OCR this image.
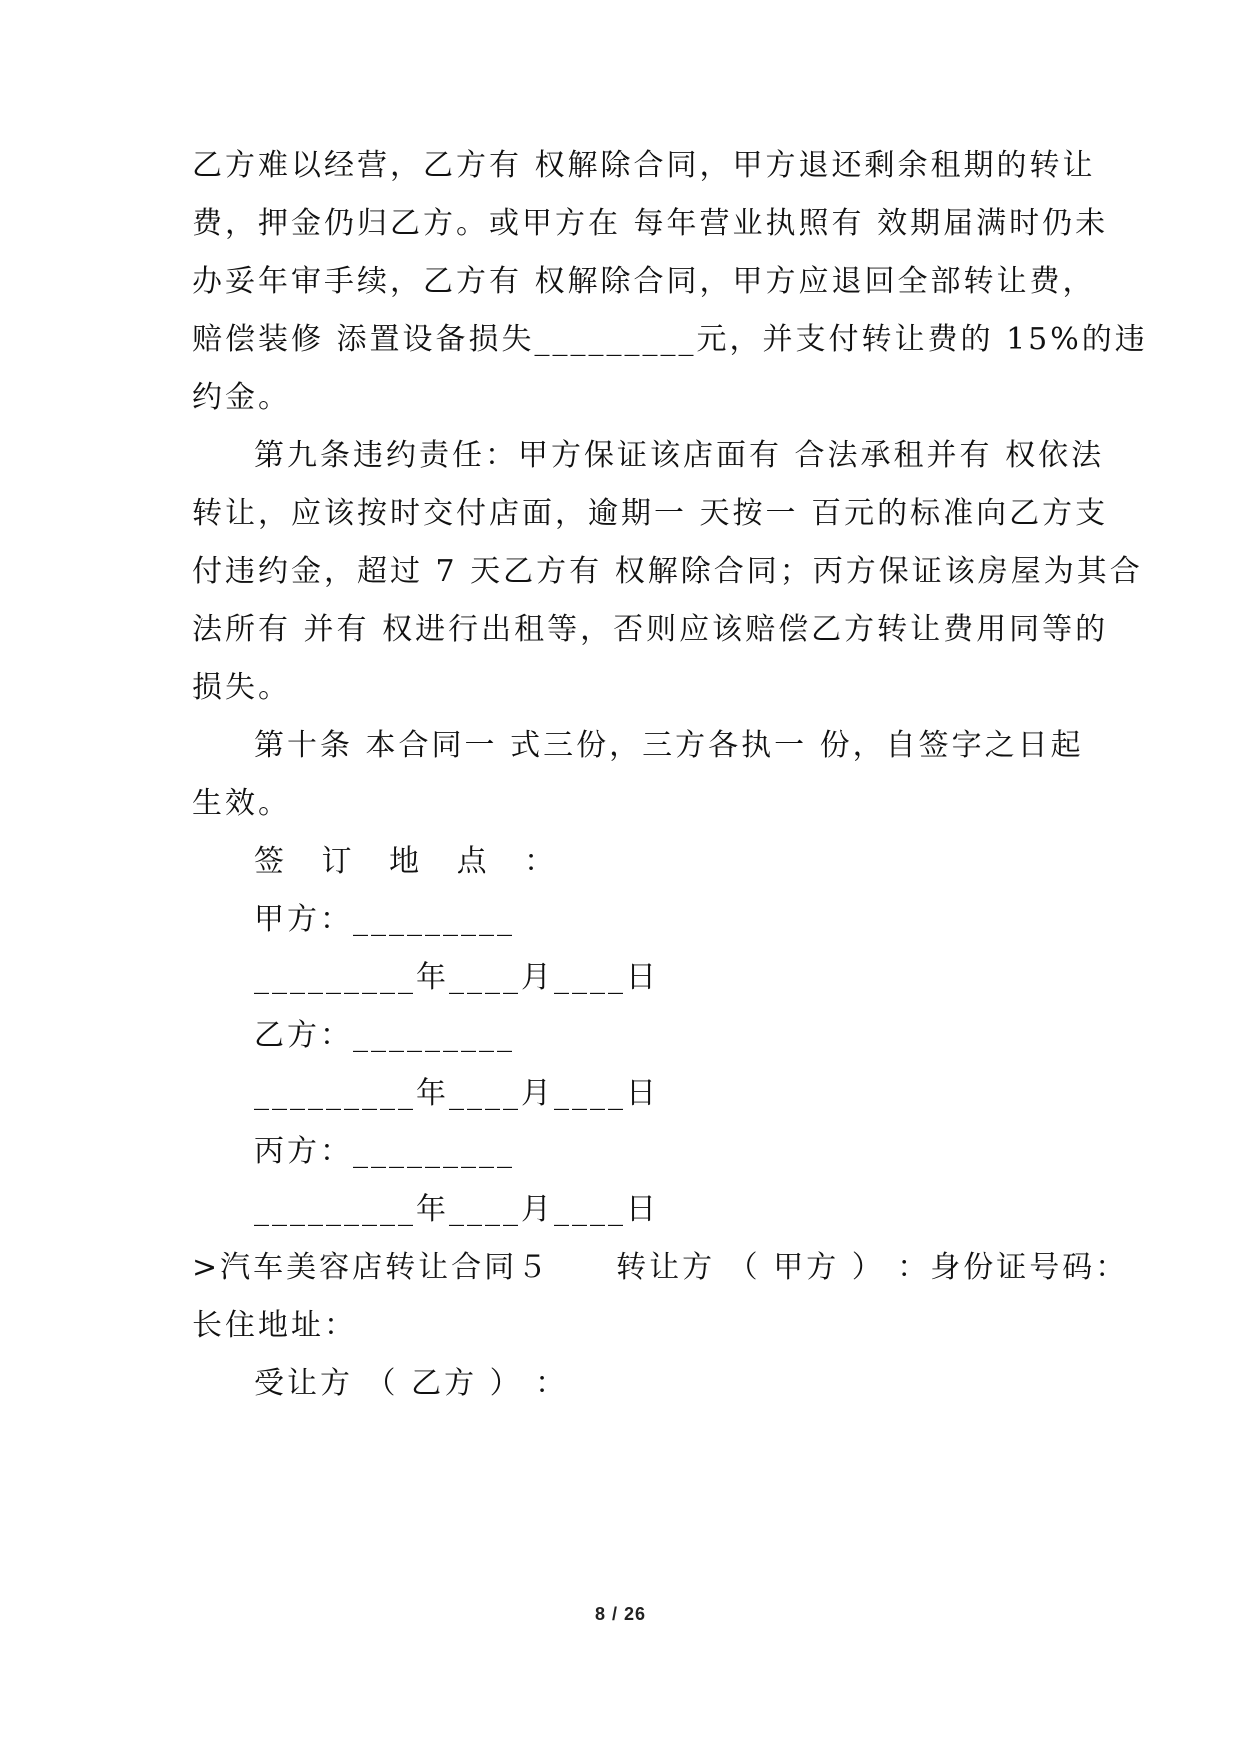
乙方难以经营，乙方有 权解除合同，甲方退还剩余租期的转让
费，押金仍归乙方。或甲方在 每年营业执照有 效期届满时仍未
办妥年审手续，乙方有 权解除合同，甲方应退回全部转让费，
赔偿装修 添置设备损失_________元，并支付转让费的 15%的违
约金。
第九条违约责任：甲方保证该店面有 合法承租并有 权依法
转让，应该按时交付店面，逾期一 天按一 百元的标准向乙方支
付违约金，超过 7 天乙方有 权解除合同；丙方保证该房屋为其合
法所有 并有 权进行出租等，否则应该赔偿乙方转让费用同等的
损失。
第十条 本合同一 式三份，三方各执一 份，自签字之日起
生效。
签 订 地 点 ：
甲方：_________
_________年____月____日
乙方：_________
_________年____月____日
丙方：_________
_________年____月____日
>汽车美容店转让合同５　　转让方 （ 甲方 ） ：身份证号码：
长住地址：
受让方 （ 乙方 ） ：
8 / 26
